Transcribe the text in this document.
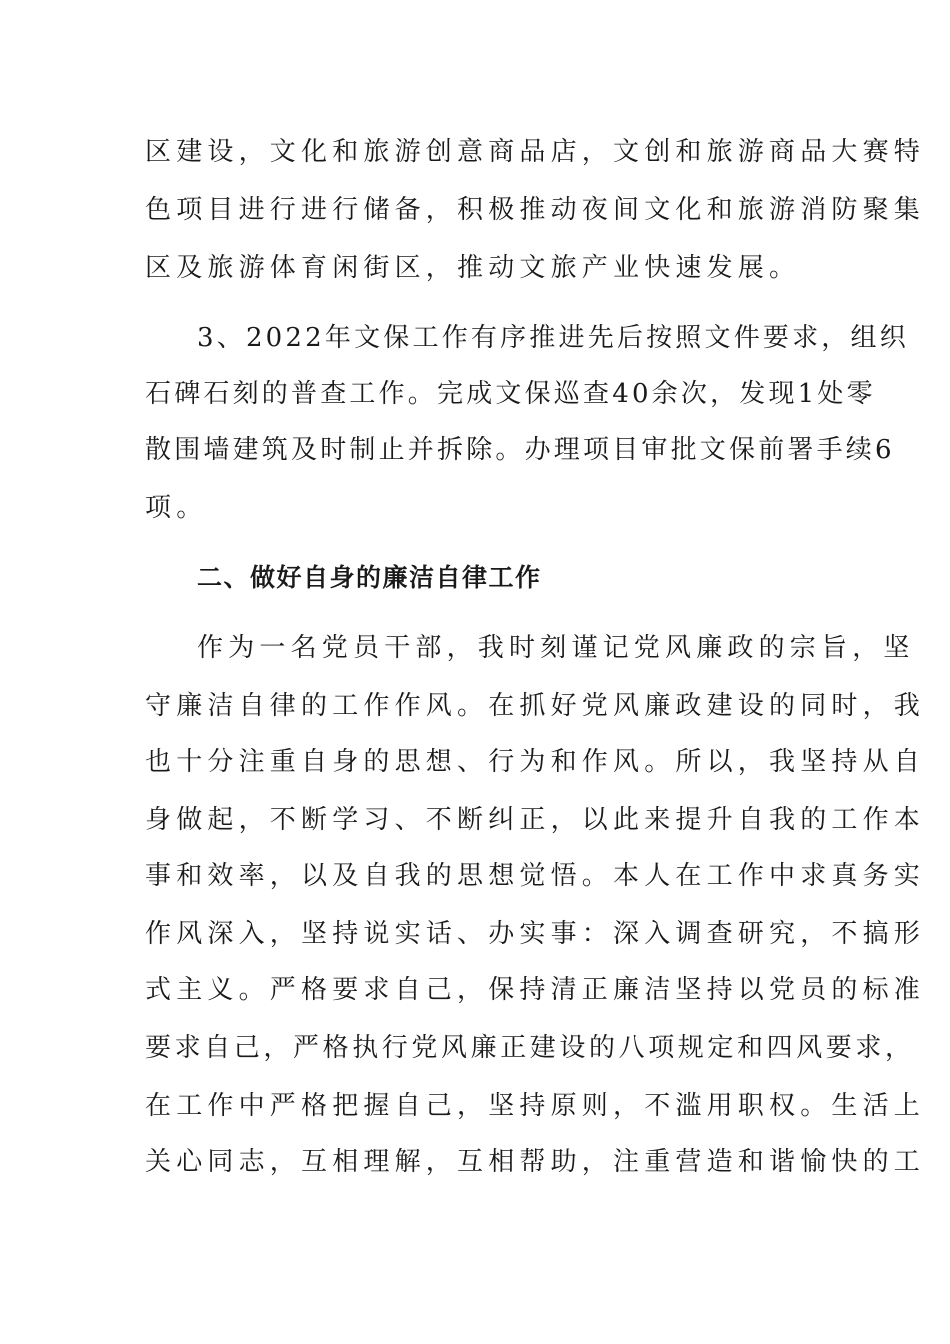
区建设，文化和旅游创意商品店，文创和旅游商品大赛特
色项目进行进行储备，积极推动夜间文化和旅游消防聚集
区及旅游体育闲街区，推动文旅产业快速发展。
3、2022年文保工作有序推进先后按照文件要求，组织
石碑石刻的普查工作。完成文保巡查40余次，发现1处零
散围墙建筑及时制止并拆除。办理项目审批文保前署手续6
项。
二、做好自身的廉洁自律工作
作为一名党员干部，我时刻谨记党风廉政的宗旨，坚
守廉洁自律的工作作风。在抓好党风廉政建设的同时，我
也十分注重自身的思想、行为和作风。所以，我坚持从自
身做起，不断学习、不断纠正，以此来提升自我的工作本
事和效率，以及自我的思想觉悟。本人在工作中求真务实
作风深入，坚持说实话、办实事：深入调查研究，不搞形
式主义。严格要求自己，保持清正廉洁坚持以党员的标准
要求自己，严格执行党风廉正建设的八项规定和四风要求，
在工作中严格把握自己，坚持原则，不滥用职权。生活上
关心同志，互相理解，互相帮助，注重营造和谐愉快的工
